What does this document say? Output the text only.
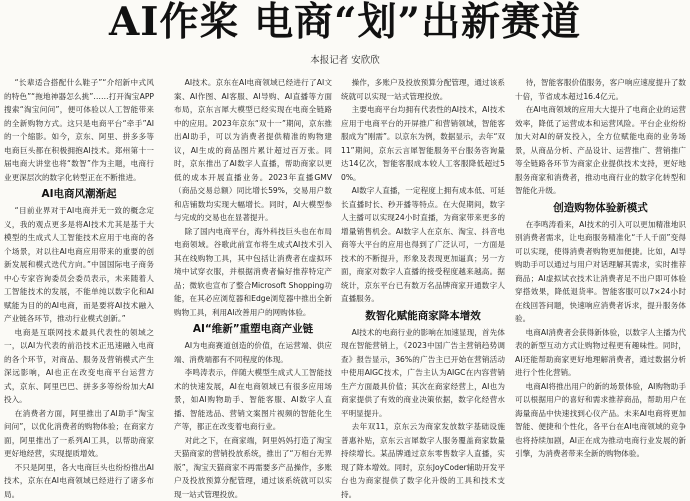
AI作桨 电商“划”出新赛道
本报记者 安欣欣

“长辈适合搭配什么鞋子”“介绍新中式风的特色”“拖地神器怎么挑”……打开淘宝APP搜索“淘宝问问”，便可体验以人工智能带来的全新购物方式。这只是电商平台“牵手”AI的一个缩影。如今，京东、阿里、拼多多等电商巨头都在积极拥抱AI技术。郑州第十一届电商大讲堂也将“数智”作为主题，电商行业更深层次的数字化转型正在不断推进。

AI电商风潮渐起

“目前业界对于AI电商并无一致的概念定义，我的观点更多是将AI技术尤其是基于大模型的生成式人工智能技术应用于电商的各个场景，对以往AI电商应用带来的重要的创新发展和模式迭代方向。”中国国际电子商务中心专家咨询委员会委员表示，未来随着人工智能技术的发展，不能单纯以数字化和AI赋能为目的的AI电商，而是要将AI技术融入产业链各环节，推动行业模式创新。”

电商是互联网技术最具代表性的领域之一，以AI为代表的前沿技术正迅速融入电商的各个环节，对商品、服务及营销模式产生深远影响，AI也正在改变电商平台运营方式，京东、阿里巴巴、拼多多等纷纷加大AI投入。

在消费者方面，阿里推出了AI助手“淘宝问问”，以优化消费者的购物体验；在商家方面，阿里推出了一系列AI工具，以帮助商家更好地经营，实现提质增效。

不只是阿里，各大电商巨头也纷纷推出AI技术，京东在AI电商领域已经进行了诸多布局。

AI技术。京东在AI电商领域已经进行了AI文案、AI作图、AI客服、AI导购、AI直播等方面布局，京东言犀大模型已经实现在电商全链路中的应用。2023年京东“双十一”期间，京东推出AI助手，可以为消费者提供精准的购物建议，AI生成的商品图片累计超过百万张。同时，京东推出了AI数字人直播，帮助商家以更低的成本开展直播业务。2023年直播GMV（商品交易总额）同比增长59%，交易用户数和店铺数均实现大幅增长。同时，AI大模型参与完成的交易也在显著提升。

除了国内电商平台，海外科技巨头也在布局电商领域。谷歌此前宣布将生成式AI技术引入其在线购物工具，其中包括让消费者在虚拟环境中试穿衣服，并根据消费者偏好推荐特定产品；微软也宣布了整合Microsoft Shopping功能，在其必应浏览器和Edge浏览器中推出全新购物工具，利用AI改善用户的网购体验。

AI“维新”重塑电商产业链

AI为电商赛道创造的价值，在运营端、供应端、消费端都有不同程度的体现。

李鸣涛表示，伴随大模型生成式人工智能技术的快速发展，AI在电商领域已有很多应用场景，如AI购物助手、智能客服、AI数字人直播、智能选品、营销文案图片视频的智能化生产等，都正在改变着电商行业。

对此之下，在商家端，阿里妈妈打造了淘宝天猫商家的营销投放系统，推出了“万相台无界版”，淘宝天猫商家不再需要多产品操作，多账户及投放预算分配管理，通过该系统就可以实现一站式管理投放。

操作，多账户及投放预算分配管理，通过该系统就可以实现一站式管理投放。

主要电商平台均拥有代表性的AI技术，AI技术应用于电商平台的开屏推广和营销领域，智能客服成为“刚需”。以京东为例，数据显示，去年“双11”期间，京东云言犀智能服务平台服务咨询量达14亿次，智能客服成本较人工客服降低超过50%。

AI数字人直播，一定程度上拥有成本低、可延长直播时长、秒开播等特点。在大促期间，数字人主播可以实现24小时直播，为商家带来更多的增量销售机会。AI数字人在京东、淘宝、抖音电商等大平台的应用也得到了广泛认可，一方面是技术的不断提升，形象及表现更加逼真；另一方面，商家对数字人直播的接受程度越来越高。据统计，京东平台已有数万名品牌商家开通数字人直播服务。

数智化赋能商家降本增效

AI技术的电商行业的影响在加速显现，首先体现在智能营销上，《2023中国广告主营销趋势调查》报告显示，36%的广告主已开始在营销活动中使用AIGC技术，广告主认为AIGC在内容营销生产方面最具价值；其次在商家经营上，AI也为商家提供了有效的商业决策依据，数字化经营水平明显提升。

去年双11，京东云为商家发放数字基础设施普惠补贴，京东云言犀数字人服务覆盖商家数量持续增长。某品牌通过京东零售数字人直播，实现了降本增效。同时，京东JoyCoder辅助开发平台也为商家提供了数字化升级的工具和技术支持。

待，智能客服价值服务，客户响应速度提升了数十倍，节省成本超过16.4亿元。

在AI电商领域的应用大大提升了电商企业的运营效率，降低了运营成本和运营风险。平台企业纷纷加大对AI的研发投入，全方位赋能电商的业务场景，从商品分析、产品设计、运营推广、营销推广等全链路各环节为商家企业提供技术支持，更好地服务商家和消费者，推动电商行业的数字化转型和智能化升级。

创造购物体验新模式

在李鸣涛看来，AI技术的引入可以更加精准地识别消费者需求，让电商服务精准化“千人千面”变得可以实现，使得消费者购物更加便捷。比如，AI导购助手可以通过与用户对话理解其需求，实时推荐商品；AI虚拟试衣技术让消费者足不出户即可体验穿搭效果，降低退货率。智能客服可以7×24小时在线回答问题，快速响应消费者诉求，提升服务体验。

电商AI消费者会获得新体验，以数字人主播为代表的新型互动方式让购物过程更有趣味性。同时，AI还能帮助商家更好地理解消费者，通过数据分析进行个性化营销。

电商AI将推出用户的新的场景体验，AI购物助手可以根据用户的喜好和需求推荐商品，帮助用户在海量商品中快速找到心仪产品。未来AI电商将更加智能、便捷和个性化，各平台在AI电商领域的竞争也将持续加剧，AI正在成为推动电商行业发展的新引擎，为消费者带来全新的购物体验。
